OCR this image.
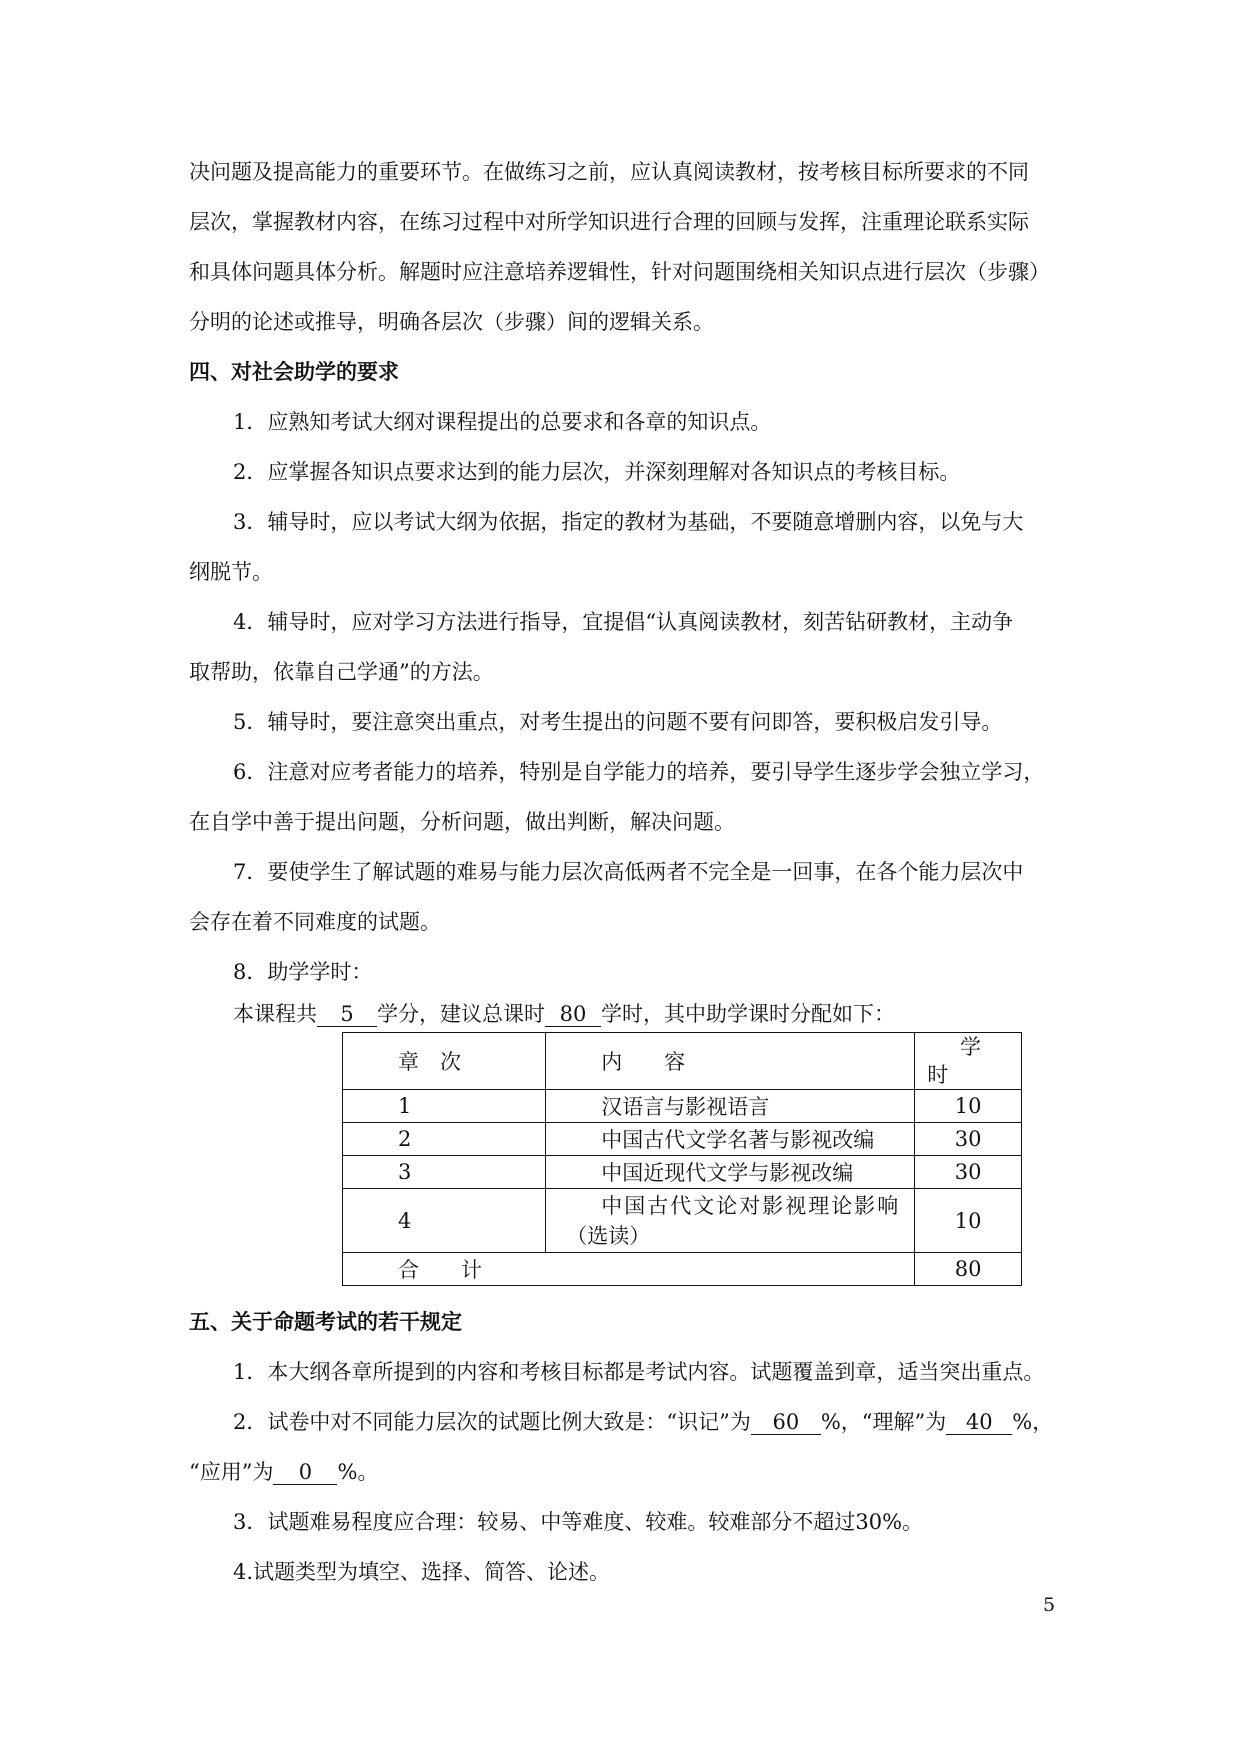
决问题及提高能力的重要环节。在做练习之前，应认真阅读教材，按考核目标所要求的不同
层次，掌握教材内容，在练习过程中对所学知识进行合理的回顾与发挥，注重理论联系实际
和具体问题具体分析。解题时应注意培养逻辑性，针对问题围绕相关知识点进行层次（步骤）
分明的论述或推导，明确各层次（步骤）间的逻辑关系。
四、对社会助学的要求
1．应熟知考试大纲对课程提出的总要求和各章的知识点。
2．应掌握各知识点要求达到的能力层次，并深刻理解对各知识点的考核目标。
3．辅导时，应以考试大纲为依据，指定的教材为基础，不要随意增删内容，以免与大
纲脱节。
4．辅导时，应对学习方法进行指导，宜提倡“认真阅读教材，刻苦钻研教材，主动争
取帮助，依靠自己学通”的方法。
5．辅导时，要注意突出重点，对考生提出的问题不要有问即答，要积极启发引导。
6．注意对应考者能力的培养，特别是自学能力的培养，要引导学生逐步学会独立学习，
在自学中善于提出问题，分析问题，做出判断，解决问题。
7．要使学生了解试题的难易与能力层次高低两者不完全是一回事，在各个能力层次中
会存在着不同难度的试题。
8．助学学时：
本课程共 5 学分，建议总课时 80 学时，其中助学课时分配如下：
章　次	内　　容	学
时

1	汉语言与影视语言	10
2	中国古代文学名著与影视改编	30
3	中国近现代文学与影视改编	30
4	中国古代文论对影视理论影响
（选读）	10
合　　计		80
五、关于命题考试的若干规定
1．本大纲各章所提到的内容和考核目标都是考试内容。试题覆盖到章，适当突出重点。
2．试卷中对不同能力层次的试题比例大致是：“识记”为 60 %，“理解”为 40 %，
“应用”为 0 %。
3．试题难易程度应合理：较易、中等难度、较难。较难部分不超过30%。
4.试题类型为填空、选择、简答、论述。
5
